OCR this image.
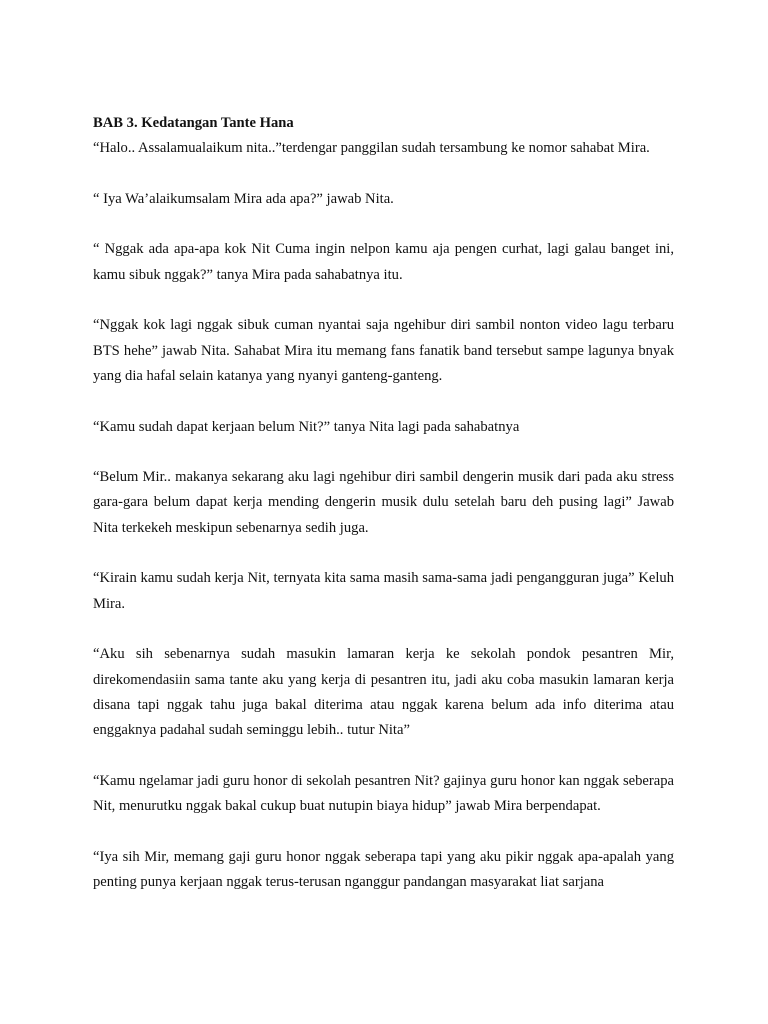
BAB 3. Kedatangan Tante Hana

“Halo.. Assalamualaikum nita..”terdengar panggilan sudah tersambung ke nomor sahabat Mira.

“ Iya Wa’alaikumsalam Mira ada apa?” jawab Nita.

“ Nggak ada apa-apa kok Nit Cuma ingin nelpon kamu aja pengen curhat, lagi galau banget ini, kamu sibuk nggak?” tanya Mira pada sahabatnya itu.

“Nggak kok lagi nggak sibuk cuman nyantai saja ngehibur diri sambil nonton video lagu terbaru BTS hehe” jawab Nita. Sahabat Mira itu memang fans fanatik band tersebut sampe lagunya bnyak yang dia hafal selain katanya yang nyanyi ganteng-ganteng.

“Kamu sudah dapat kerjaan belum Nit?” tanya Nita lagi pada sahabatnya

“Belum Mir.. makanya sekarang aku lagi ngehibur diri sambil dengerin musik dari pada aku stress gara-gara belum dapat kerja mending dengerin musik dulu setelah baru deh pusing lagi” Jawab Nita terkekeh meskipun sebenarnya sedih juga.

“Kirain kamu sudah kerja Nit, ternyata kita sama masih sama-sama jadi pengangguran juga” Keluh Mira.

“Aku sih sebenarnya sudah masukin lamaran kerja ke sekolah pondok pesantren Mir, direkomendasiin sama tante aku yang kerja di pesantren itu, jadi aku coba masukin lamaran kerja disana tapi nggak tahu juga bakal diterima atau nggak karena belum ada info diterima atau enggaknya padahal sudah seminggu lebih.. tutur Nita”

“Kamu ngelamar jadi guru honor di sekolah pesantren Nit? gajinya guru honor kan nggak seberapa Nit, menurutku nggak bakal cukup buat nutupin biaya hidup” jawab Mira berpendapat.

“Iya sih Mir, memang gaji guru honor nggak seberapa tapi yang aku pikir nggak apa-apalah yang penting punya kerjaan nggak terus-terusan nganggur pandangan masyarakat liat sarjana
